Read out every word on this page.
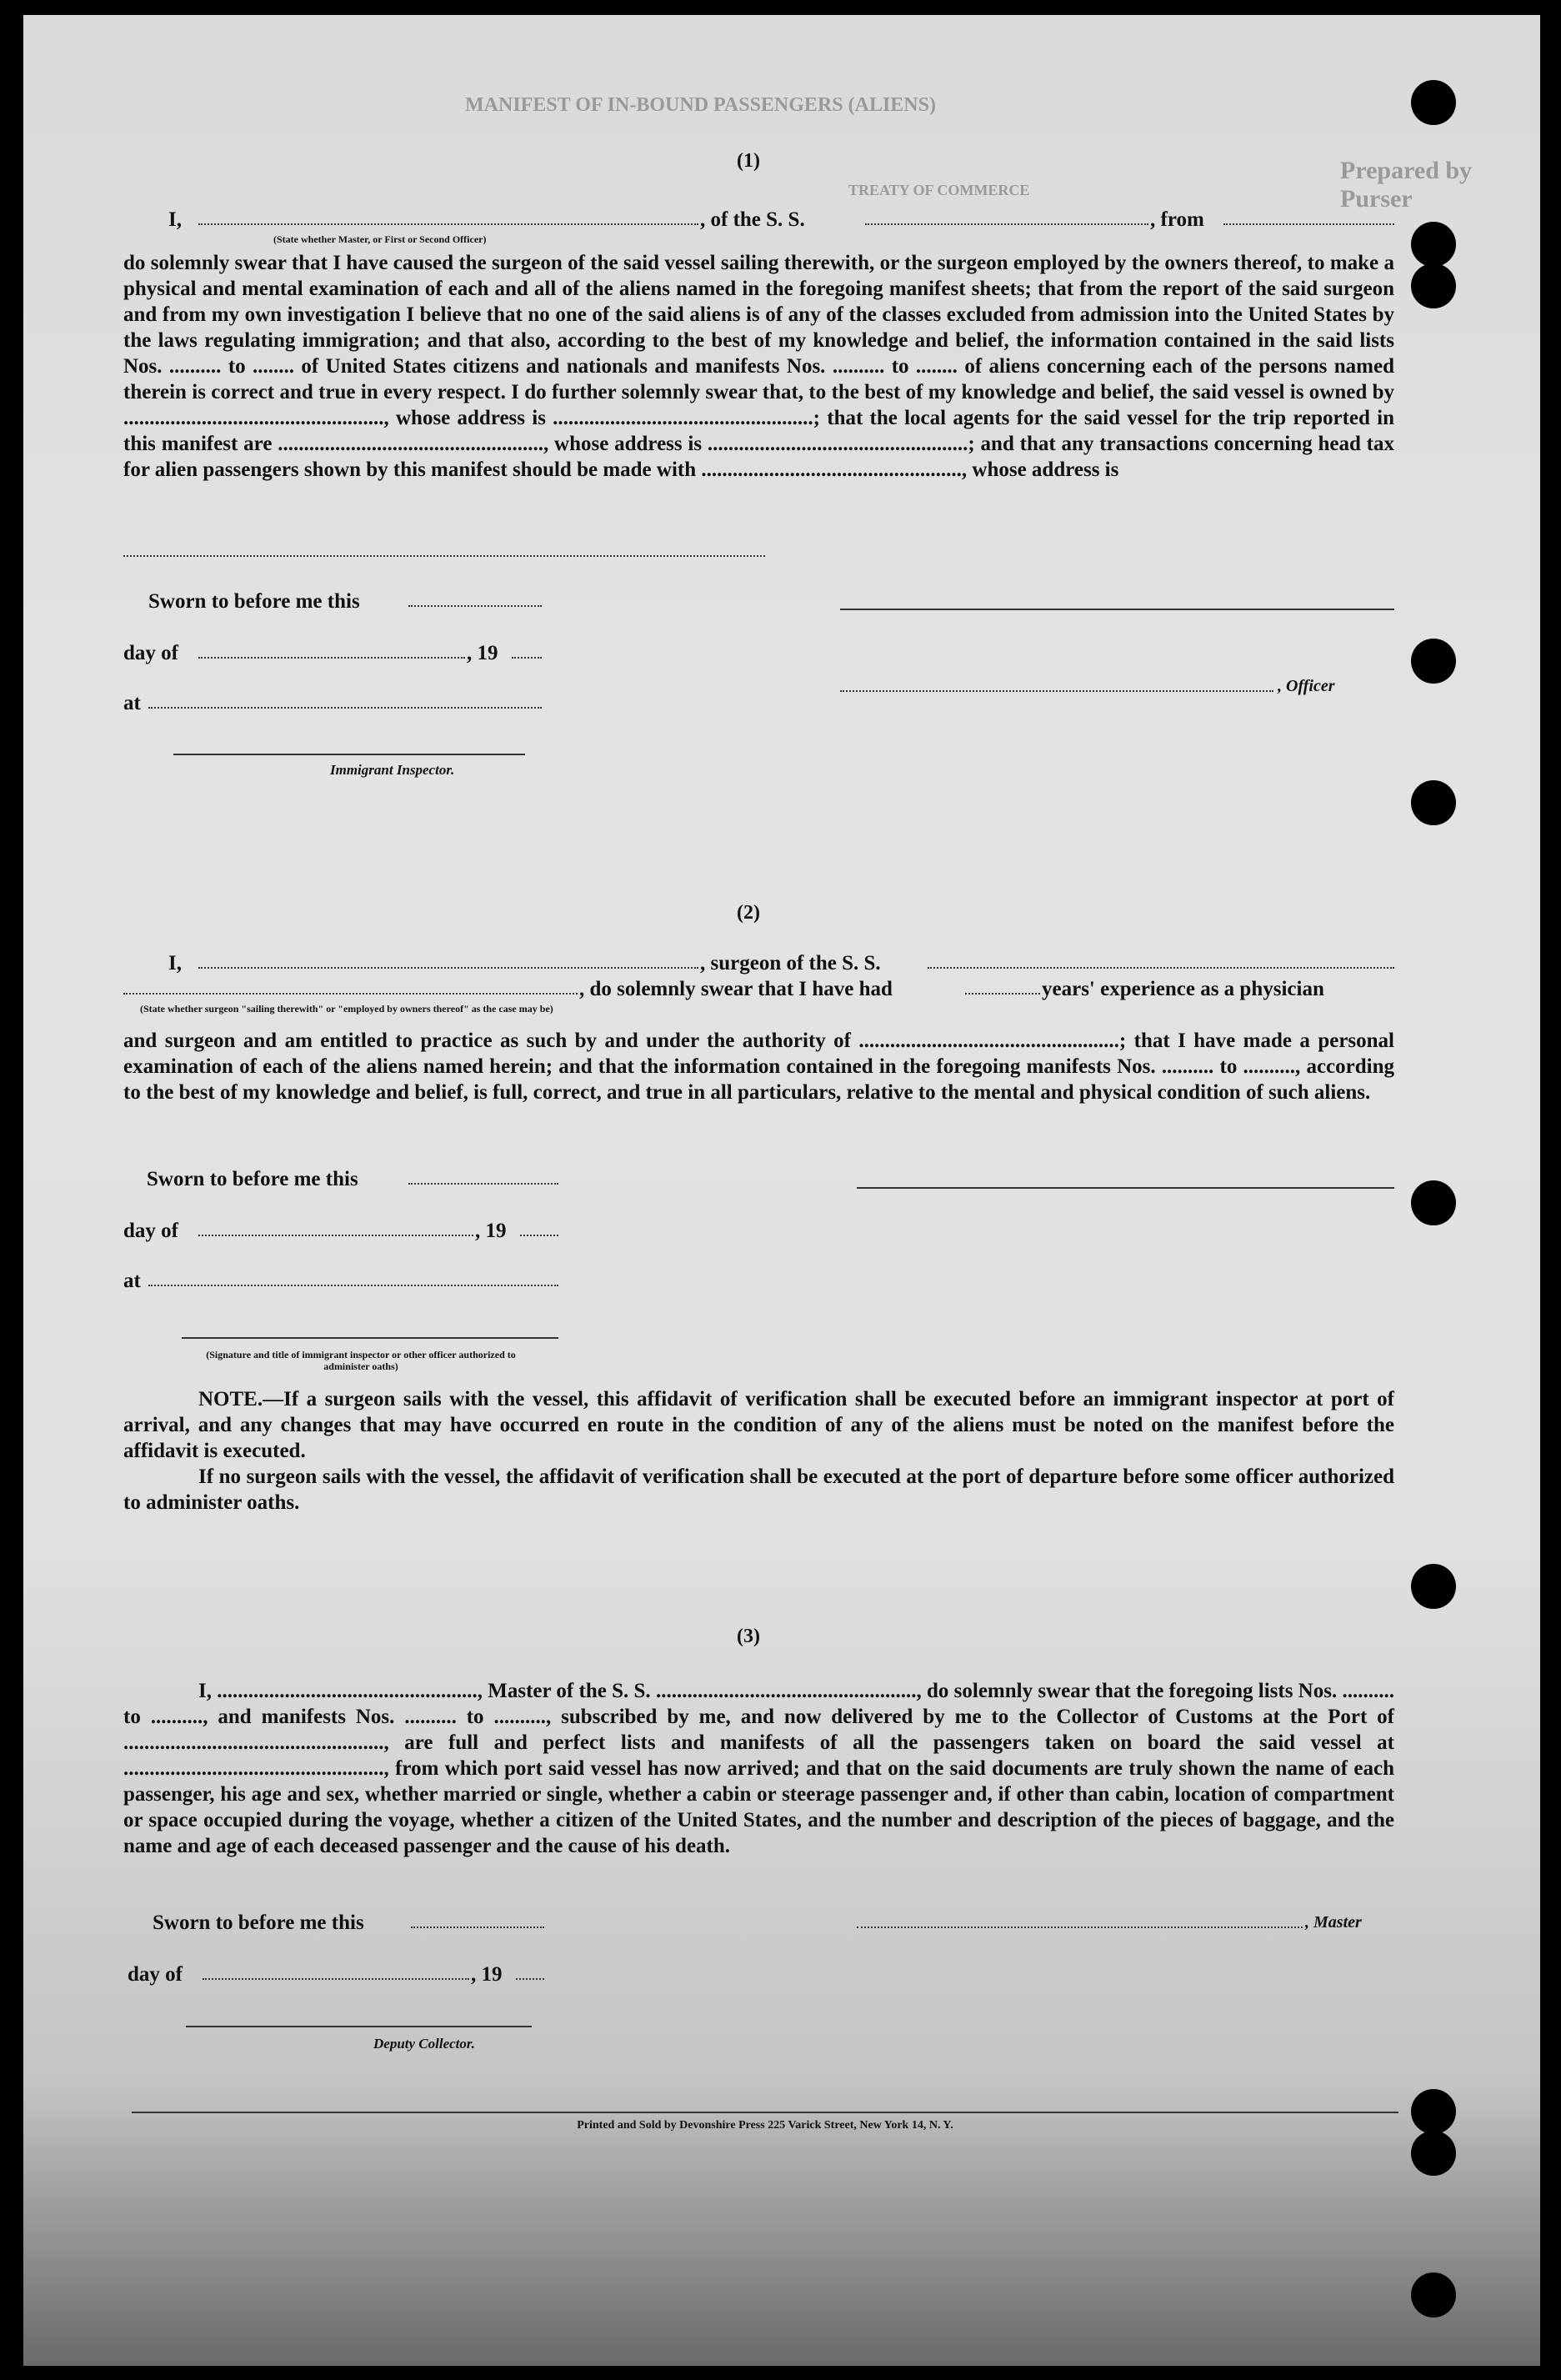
MANIFEST OF IN-BOUND PASSENGERS (ALIENS)
Prepared by Purser
TREATY OF COMMERCE
(1)
I,	, of the S. S.	, from
(State whether Master, or First or Second Officer)
do solemnly swear that I have caused the surgeon of the said vessel sailing therewith, or the surgeon employed by the owners thereof, to make a physical and mental examination of each and all of the aliens named in the foregoing manifest sheets; that from the report of the said surgeon and from my own investigation I believe that no one of the said aliens is of any of the classes excluded from admission into the United States by the laws regulating immigration; and that also, according to the best of my knowledge and belief, the information contained in the said lists Nos. .......... to ........ of United States citizens and nationals and manifests Nos. .......... to ........ of aliens concerning each of the persons named therein is correct and true in every respect. I do further solemnly swear that, to the best of my knowledge and belief, the said vessel is owned by .................................................., whose address is ..................................................; that the local agents for the said vessel for the trip reported in this manifest are ..................................................., whose address is ..................................................; and that any transactions concerning head tax for alien passengers shown by this manifest should be made with .................................................., whose address is
Sworn to before me this
day of	, 19
, Officer
at
Immigrant Inspector.
(2)
I,	, surgeon of the S. S.
, do solemnly swear that I have had	years' experience as a physician
(State whether surgeon "sailing therewith" or "employed by owners thereof" as the case may be)
and surgeon and am entitled to practice as such by and under the authority of ..................................................; that I have made a personal examination of each of the aliens named herein; and that the information contained in the foregoing manifests Nos. .......... to .........., according to the best of my knowledge and belief, is full, correct, and true in all particulars, relative to the mental and physical condition of such aliens.
Sworn to before me this
day of	, 19
at
(Signature and title of immigrant inspector or other officer authorized to administer oaths)
NOTE.—If a surgeon sails with the vessel, this affidavit of verification shall be executed before an immigrant inspector at port of arrival, and any changes that may have occurred en route in the condition of any of the aliens must be noted on the manifest before the affidavit is executed.
If no surgeon sails with the vessel, the affidavit of verification shall be executed at the port of departure before some officer authorized to administer oaths.
(3)
I, .................................................., Master of the S. S. .................................................., do solemnly swear that the foregoing lists Nos. .......... to .........., and manifests Nos. .......... to .........., subscribed by me, and now delivered by me to the Collector of Customs at the Port of .................................................., are full and perfect lists and manifests of all the passengers taken on board the said vessel at .................................................., from which port said vessel has now arrived; and that on the said documents are truly shown the name of each passenger, his age and sex, whether married or single, whether a cabin or steerage passenger and, if other than cabin, location of compartment or space occupied during the voyage, whether a citizen of the United States, and the number and description of the pieces of baggage, and the name and age of each deceased passenger and the cause of his death.
Sworn to before me this	, Master
day of	, 19
Deputy Collector.
Printed and Sold by Devonshire Press 225 Varick Street, New York 14, N. Y.
